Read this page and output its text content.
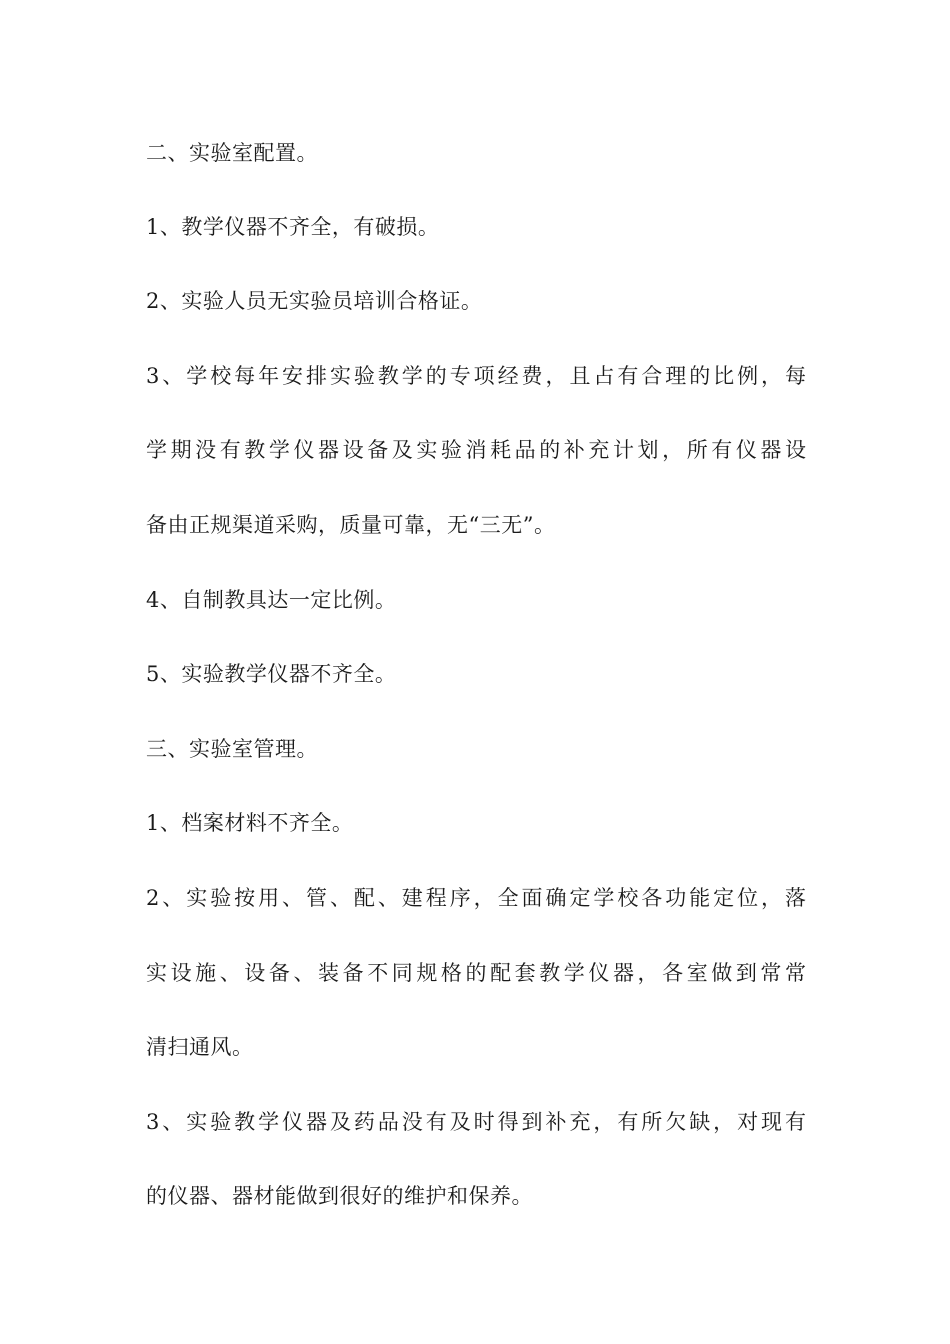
二、实验室配置。
1、教学仪器不齐全，有破损。
2、实验人员无实验员培训合格证。
3、学校每年安排实验教学的专项经费，且占有合理的比例，每
学期没有教学仪器设备及实验消耗品的补充计划，所有仪器设
备由正规渠道采购，质量可靠，无“三无”。
4、自制教具达一定比例。
5、实验教学仪器不齐全。
三、实验室管理。
1、档案材料不齐全。
2、实验按用、管、配、建程序，全面确定学校各功能定位，落
实设施、设备、装备不同规格的配套教学仪器，各室做到常常
清扫通风。
3、实验教学仪器及药品没有及时得到补充，有所欠缺，对现有
的仪器、器材能做到很好的维护和保养。
